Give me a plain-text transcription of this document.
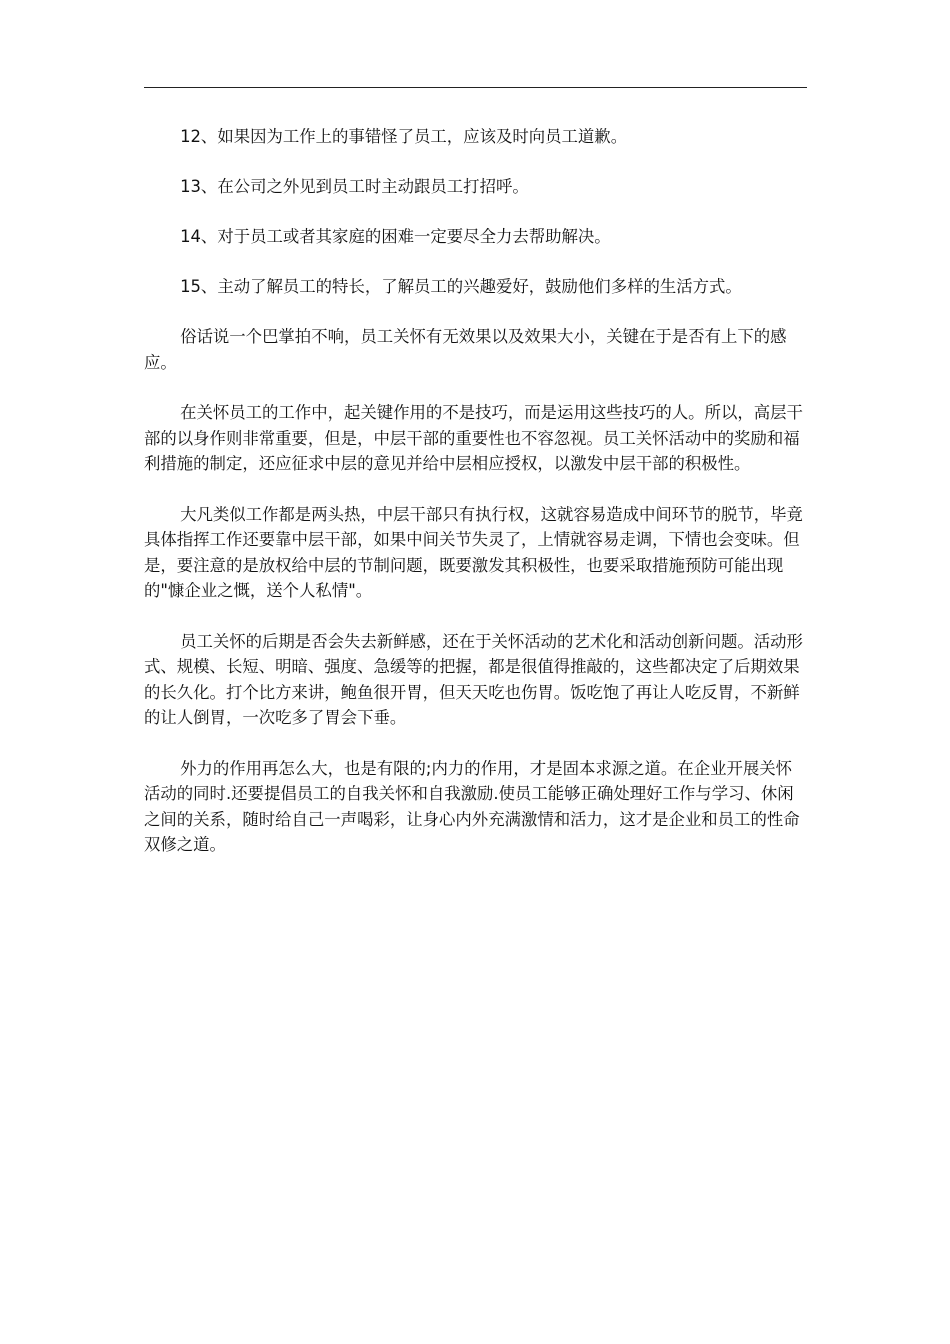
12、如果因为工作上的事错怪了员工，应该及时向员工道歉。

13、在公司之外见到员工时主动跟员工打招呼。

14、对于员工或者其家庭的困难一定要尽全力去帮助解决。

15、主动了解员工的特长，了解员工的兴趣爱好，鼓励他们多样的生活方式。

俗话说一个巴掌拍不响，员工关怀有无效果以及效果大小，关键在于是否有上下的感应。

在关怀员工的工作中，起关键作用的不是技巧，而是运用这些技巧的人。所以，高层干部的以身作则非常重要，但是，中层干部的重要性也不容忽视。员工关怀活动中的奖励和福利措施的制定，还应征求中层的意见并给中层相应授权，以激发中层干部的积极性。

大凡类似工作都是两头热，中层干部只有执行权，这就容易造成中间环节的脱节，毕竟具体指挥工作还要靠中层干部，如果中间关节失灵了，上情就容易走调，下情也会变味。但是，要注意的是放权给中层的节制问题，既要激发其积极性，也要采取措施预防可能出现的"慷企业之慨，送个人私情"。

员工关怀的后期是否会失去新鲜感，还在于关怀活动的艺术化和活动创新问题。活动形式、规模、长短、明暗、强度、急缓等的把握，都是很值得推敲的，这些都决定了后期效果的长久化。打个比方来讲，鲍鱼很开胃，但天天吃也伤胃。饭吃饱了再让人吃反胃，不新鲜的让人倒胃，一次吃多了胃会下垂。

外力的作用再怎么大，也是有限的;内力的作用，才是固本求源之道。在企业开展关怀活动的同时.还要提倡员工的自我关怀和自我激励.使员工能够正确处理好工作与学习、休闲之间的关系，随时给自己一声喝彩，让身心内外充满激情和活力，这才是企业和员工的性命双修之道。
